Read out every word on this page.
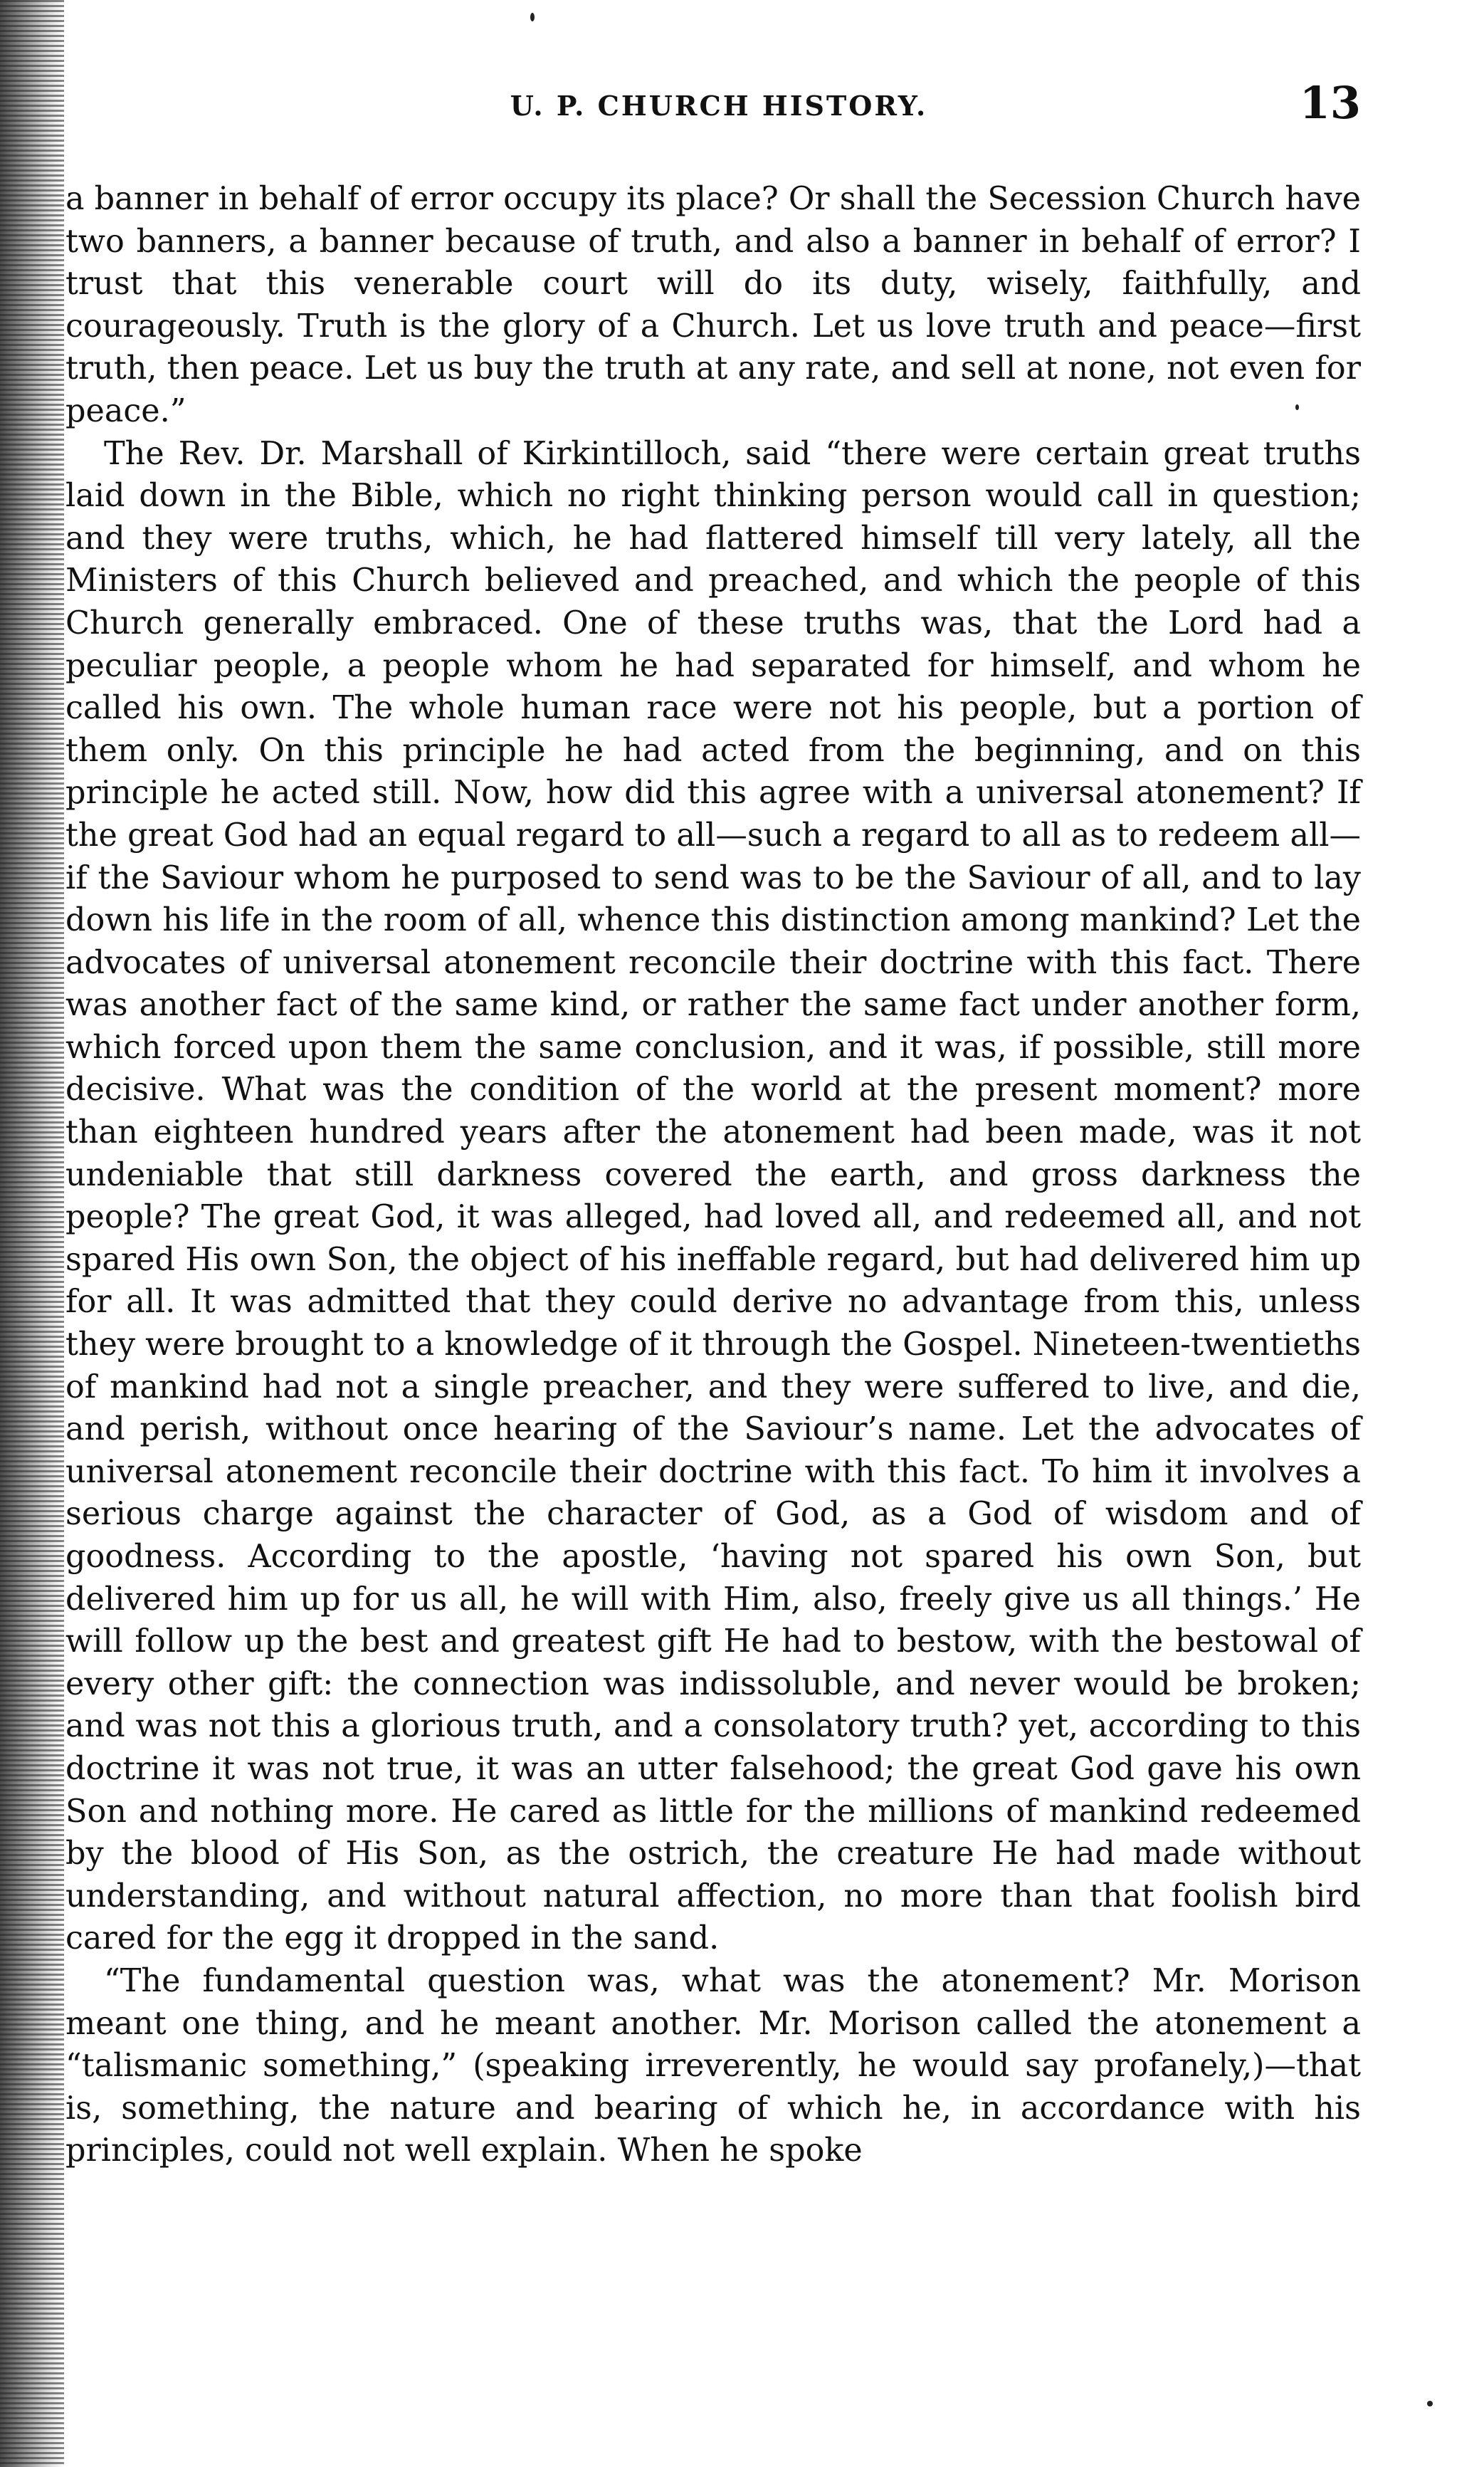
U. P. CHURCH HISTORY.	13

a banner in behalf of error occupy its place? Or shall the Secession Church have two banners, a banner because of truth, and also a banner in behalf of error? I trust that this venerable court will do its duty, wisely, faithfully, and courageously. Truth is the glory of a Church. Let us love truth and peace—first truth, then peace. Let us buy the truth at any rate, and sell at none, not even for peace.”

The Rev. Dr. Marshall of Kirkintilloch, said “there were certain great truths laid down in the Bible, which no right thinking person would call in question; and they were truths, which, he had flattered himself till very lately, all the Ministers of this Church believed and preached, and which the people of this Church generally embraced. One of these truths was, that the Lord had a peculiar people, a people whom he had separated for himself, and whom he called his own. The whole human race were not his people, but a portion of them only. On this principle he had acted from the beginning, and on this principle he acted still. Now, how did this agree with a universal atonement? If the great God had an equal regard to all—such a regard to all as to redeem all—if the Saviour whom he purposed to send was to be the Saviour of all, and to lay down his life in the room of all, whence this distinction among mankind? Let the advocates of universal atonement reconcile their doctrine with this fact. There was another fact of the same kind, or rather the same fact under another form, which forced upon them the same conclusion, and it was, if possible, still more decisive. What was the condition of the world at the present moment? more than eighteen hundred years after the atonement had been made, was it not undeniable that still darkness covered the earth, and gross darkness the people? The great God, it was alleged, had loved all, and redeemed all, and not spared His own Son, the object of his ineffable regard, but had delivered him up for all. It was admitted that they could derive no advantage from this, unless they were brought to a knowledge of it through the Gospel. Nineteen-twentieths of mankind had not a single preacher, and they were suffered to live, and die, and perish, without once hearing of the Saviour’s name. Let the advocates of universal atonement reconcile their doctrine with this fact. To him it involves a serious charge against the character of God, as a God of wisdom and of goodness. According to the apostle, ‘having not spared his own Son, but delivered him up for us all, he will with Him, also, freely give us all things.’ He will follow up the best and greatest gift He had to bestow, with the bestowal of every other gift: the connection was indissoluble, and never would be broken; and was not this a glorious truth, and a consolatory truth? yet, according to this doctrine it was not true, it was an utter falsehood; the great God gave his own Son and nothing more. He cared as little for the millions of mankind redeemed by the blood of His Son, as the ostrich, the creature He had made without understanding, and without natural affection, no more than that foolish bird cared for the egg it dropped in the sand.

“The fundamental question was, what was the atonement? Mr. Morison meant one thing, and he meant another. Mr. Morison called the atonement a “talismanic something,” (speaking irreverently, he would say profanely,)—that is, something, the nature and bearing of which he, in accordance with his principles, could not well explain. When he spoke
